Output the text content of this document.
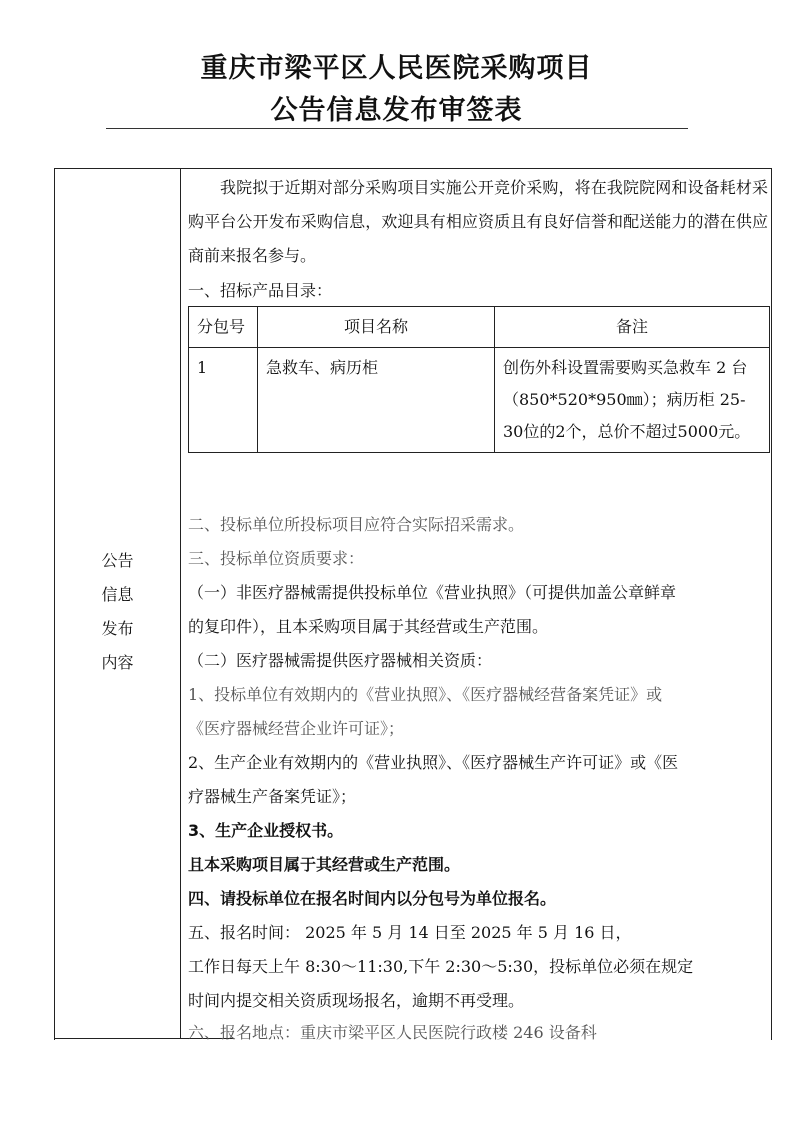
重庆市梁平区人民医院采购项目
公告信息发布审签表
公告
信息
发布
内容
我院拟于近期对部分采购项目实施公开竞价采购，将在我院院网和设备耗材采购平台公开发布采购信息，欢迎具有相应资质且有良好信誉和配送能力的潜在供应商前来报名参与。
一、招标产品目录：
分包号	项目名称	备注
1	急救车、病历柜	创伤外科设置需要购买急救车 2 台（850*520*950㎜）；病历柜 25-30位的2个，总价不超过5000元。
二、投标单位所投标项目应符合实际招采需求。
三、投标单位资质要求：
（一）非医疗器械需提供投标单位《营业执照》（可提供加盖公章鲜章
的复印件），且本采购项目属于其经营或生产范围。
（二）医疗器械需提供医疗器械相关资质：
1、投标单位有效期内的《营业执照》、《医疗器械经营备案凭证》或
《医疗器械经营企业许可证》；
2、生产企业有效期内的《营业执照》、《医疗器械生产许可证》或《医
疗器械生产备案凭证》；
3、生产企业授权书。
且本采购项目属于其经营或生产范围。
四、请投标单位在报名时间内以分包号为单位报名。
五、报名时间： 2025 年 5 月 14 日至 2025 年 5 月 16 日，
工作日每天上午 8:30～11:30,下午 2:30～5:30，投标单位必须在规定
时间内提交相关资质现场报名，逾期不再受理。
六、报名地点：重庆市梁平区人民医院行政楼 246 设备科
